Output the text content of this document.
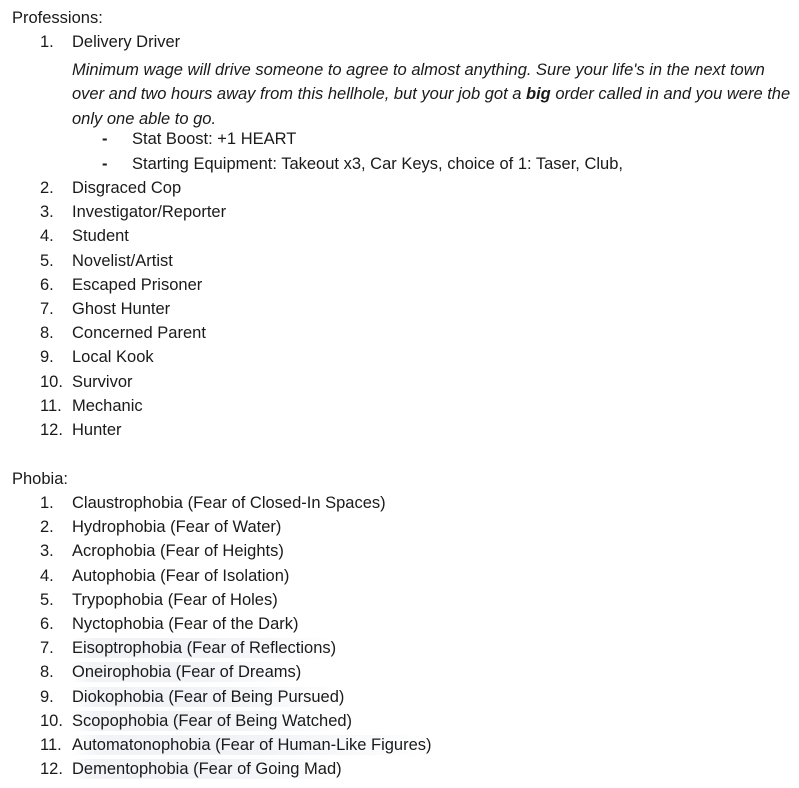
Professions:
1.	Delivery Driver
Minimum wage will drive someone to agree to almost anything. Sure your life's in the next town over and two hours away from this hellhole, but your job got a big order called in and you were the only one able to go.
- Stat Boost: +1 HEART
- Starting Equipment: Takeout x3, Car Keys, choice of 1: Taser, Club,
2.	Disgraced Cop
3.	Investigator/Reporter
4.	Student
5.	Novelist/Artist
6.	Escaped Prisoner
7.	Ghost Hunter
8.	Concerned Parent
9.	Local Kook
10. Survivor
11. Mechanic
12. Hunter
Phobia:
1.	Claustrophobia (Fear of Closed-In Spaces)
2.	Hydrophobia (Fear of Water)
3.	Acrophobia (Fear of Heights)
4.	Autophobia (Fear of Isolation)
5.	Trypophobia (Fear of Holes)
6.	Nyctophobia (Fear of the Dark)
7.	Eisoptrophobia (Fear of Reflections)
8.	Oneirophobia (Fear of Dreams)
9.	Diokophobia (Fear of Being Pursued)
10. Scopophobia (Fear of Being Watched)
11. Automatonophobia (Fear of Human-Like Figures)
12. Dementophobia (Fear of Going Mad)
